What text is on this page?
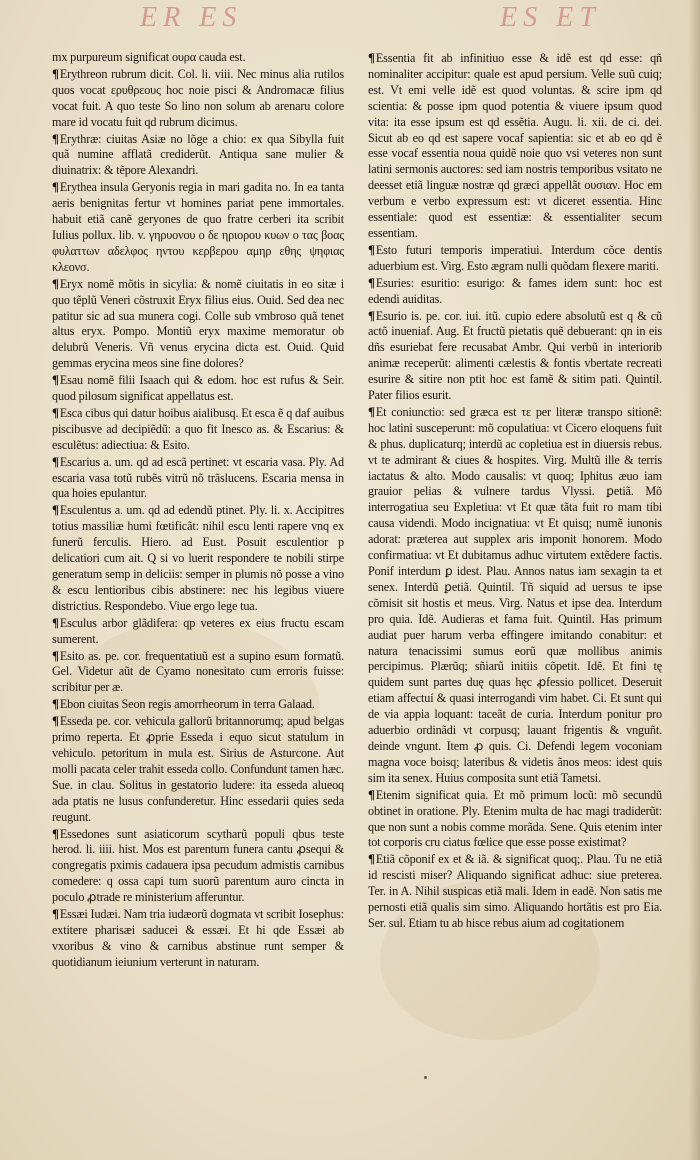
ER ES	ES ET

mx purpureum significat ουρα cauda est.

¶Erythreon rubrum dicit. Col. li. viii. Nec minus alia rutilos quos vocat ερυθρεους hoc noie pisci & Andromacæ filius vocat fuit. A quo teste So lino non solum ab arenaru colore mare id vocatu fuit qd rubrum dicimus.

¶Erythræ: ciuitas Asiæ no lõge a chio: ex qua Sibylla fuit quã numine afflatã crediderũt. Antiqua sane mulier & diuinatrix: & tẽpore Alexandri.

¶Erythea insula Geryonis regia in mari gadita no. In ea tanta aeris benignitas fertur vt homines pariat pene immortales. habuit etiã canẽ geryones de quo fratre cerberi ita scribit Iulius pollux. lib. v. γηρυονου ο δε ηριορου κυων ο τας βοας φυλαττων αδελφος ηντου κερβερου αμηρ εθης ψηφιας κλεονσ.

¶Eryx nomẽ mõtis in sicylia: & nomẽ ciuitatis in eo sitæ i quo tẽplũ Veneri cõstruxit Eryx filius eius. Ouid. Sed dea nec patitur sic ad sua munera cogi. Colle sub vmbroso quã tenet altus eryx. Pompo. Montiũ eryx maxime memoratur ob delubrũ Veneris. Vñ venus erycina dicta est. Ouid. Quid gemmas erycina meos sine fine dolores?

¶Esau nomẽ filii Isaach qui & edom. hoc est rufus & Seir. quod pilosum significat appellatus est.

¶Esca cibus qui datur hoibus aialibusq. Et esca ẽ q daf auibus piscibusve ad decipiẽdũ: a quo fit Inesco as. & Escarius: & esculẽtus: adiectiua: & Esito.

¶Escarius a. um. qd ad escã pertinet: vt escaria vasa. Ply. Ad escaria vasa totũ rubẽs vitrũ nõ trãslucens. Escaria mensa in qua hoies epulantur.

¶Esculentus a. um. qd ad edendũ ptinet. Ply. li. x. Accipitres totius massiliæ humi fœtificãt: nihil escu lenti rapere vnq ex funerũ ferculis. Hiero. ad Eust. Posuit esculentior p delicatiori cum ait. Q si vo luerit respondere te nobili stirpe generatum semp in deliciis: semper in plumis nõ posse a vino & escu lentioribus cibis abstinere: nec his legibus viuere districtius. Respondebo. Viue ergo lege tua.

¶Esculus arbor glãdifera: qp veteres ex eius fructu escam sumerent.

¶Esito as. pe. cor. frequentatiuũ est a supino esum formatũ. Gel. Videtur aũt de Cyamo nonesitato cum erroris fuisse: scribitur per æ.

¶Ebon ciuitas Seon regis amorrheorum in terra Galaad.

¶Esseda pe. cor. vehicula gallorũ britannorumq; apud belgas primo reperta. Et ꝓprie Esseda i equo sicut statulum in vehiculo. petoritum in mula est. Sirius de Asturcone. Aut molli pacata celer trahit esseda collo. Confundunt tamen hæc. Sue. in clau. Solitus in gestatorio ludere: ita esseda alueoq ada ptatis ne lusus confunderetur. Hinc essedarii quies seda reugunt.

¶Essedones sunt asiaticorum scytharũ populi qbus teste herod. li. iiii. hist. Mos est parentum funera cantu ꝓsequi & congregatis pximis cadauera ipsa pecudum admistis carnibus comedere: q ossa capi tum suorũ parentum auro cincta in poculo ꝓtrade re ministerium afferuntur.

¶Essæi Iudæi. Nam tria iudæorũ dogmata vt scribit Iosephus: extitere pharisæi saducei & essæi. Et hi qde Essæi ab vxoribus & vino & carnibus abstinue runt semper & quotidianum ieiunium verterunt in naturam.

¶Essentia fit ab infinitiuo esse & idẽ est qd esse: qñ nominaliter accipitur: quale est apud persium. Velle suũ cuiq; est. Vt emi velle idẽ est quod voluntas. & scire ipm qd scientia: & posse ipm quod potentia & viuere ipsum quod vita: ita esse ipsum est qd essẽtia. Augu. li. xii. de ci. dei. Sicut ab eo qd est sapere vocaf sapientia: sic et ab eo qd ẽ esse vocaf essentia noua quidẽ noie quo vsi veteres non sunt latini sermonis auctores: sed iam nostris temporibus vsitato ne deesset etiã linguæ nostræ qd græci appellãt ουσιαν. Hoc em verbum e verbo expressum est: vt diceret essentia. Hinc essentiale: quod est essentiæ: & essentialiter secum essentiam.

¶Esto futuri temporis imperatiui. Interdum cõce dentis aduerbium est. Virg. Esto ægram nulli quõdam flexere mariti.

¶Esuries: esuritio: esurigo: & fames idem sunt: hoc est edendi auiditas.

¶Esurio is. pe. cor. iui. itũ. cupio edere absolutũ est q & cũ actõ inueniaf. Aug. Et fructũ pietatis quẽ debuerant: qn in eis dñs esuriebat fere recusabat Ambr. Qui verbũ in interiorib animæ receperũt: alimenti cælestis & fontis vbertate recreati esurire & sitire non ptit hoc est famẽ & sitim pati. Quintil. Pater filios esurit.

¶Et coniunctio: sed græca est τε per literæ transpo sitionẽ: hoc latini susceperunt: mõ copulatiua: vt Cicero eloquens fuit & phus. duplicaturq; interdũ ac copletiua est in diuersis rebus. vt te admirant & ciues & hospites. Virg. Multũ ille & terris iactatus & alto. Modo causalis: vt quoq; Iphitus æuo iam grauior pelias & vulnere tardus Vlyssi. ꝑetiã. Mõ interrogatiua seu Expletiua: vt Et quæ tãta fuit ro mam tibi causa videndi. Modo incignatiua: vt Et quisq; numẽ iunonis adorat: præterea aut supplex aris imponit honorem. Modo confirmatiua: vt Et dubitamus adhuc virtutem extẽdere factis. Ponif interdum ꝑ idest. Plau. Annos natus iam sexagin ta et senex. Interdũ ꝑetiã. Quintil. Tñ siquid ad uersus te ipse cõmisit sit hostis et meus. Virg. Natus et ipse dea. Interdum pro quia. Idẽ. Audieras et fama fuit. Quintil. Has primum audiat puer harum verba effingere imitando conabitur: et natura tenacissimi sumus eorũ quæ mollibus animis percipimus. Plærũq; sñiarũ initiis cõpetit. Idẽ. Et fini tę quidem sunt partes duę quas hęc ꝓfessio pollicet. Deseruit etiam affectuí & quasi interrogandi vim habet. Ci. Et sunt qui de via appia loquant: taceãt de curia. Interdum ponitur pro aduerbio ordinãdi vt corpusq; lauant frigentis & vnguñt. deinde vngunt. Item ꝓ quis. Ci. Defendi legem voconiam magna voce boisq; lateribus & videtis ãnos meos: idest quis sim ita senex. Huius composita sunt etiã Tametsi.

¶Etenim significat quia. Et mõ primum locũ: mõ secundũ obtinet in oratione. Ply. Etenim multa de hac magi tradiderũt: que non sunt a nobis comme morãda. Sene. Quis etenim inter tot corporis cru ciatus fœlice que esse posse existimat?

¶Etiã cõponif ex et & iã. & significat quoq;. Plau. Tu ne etiã id rescisti miser? Aliquando significat adhuc: siue preterea. Ter. in A. Nihil suspicas etiã mali. Idem in eadẽ. Non satis me pernosti etiã qualis sim simo. Aliquando hortãtis est pro Eia. Ser. sul. Etiam tu ab hisce rebus aium ad cogitationem
